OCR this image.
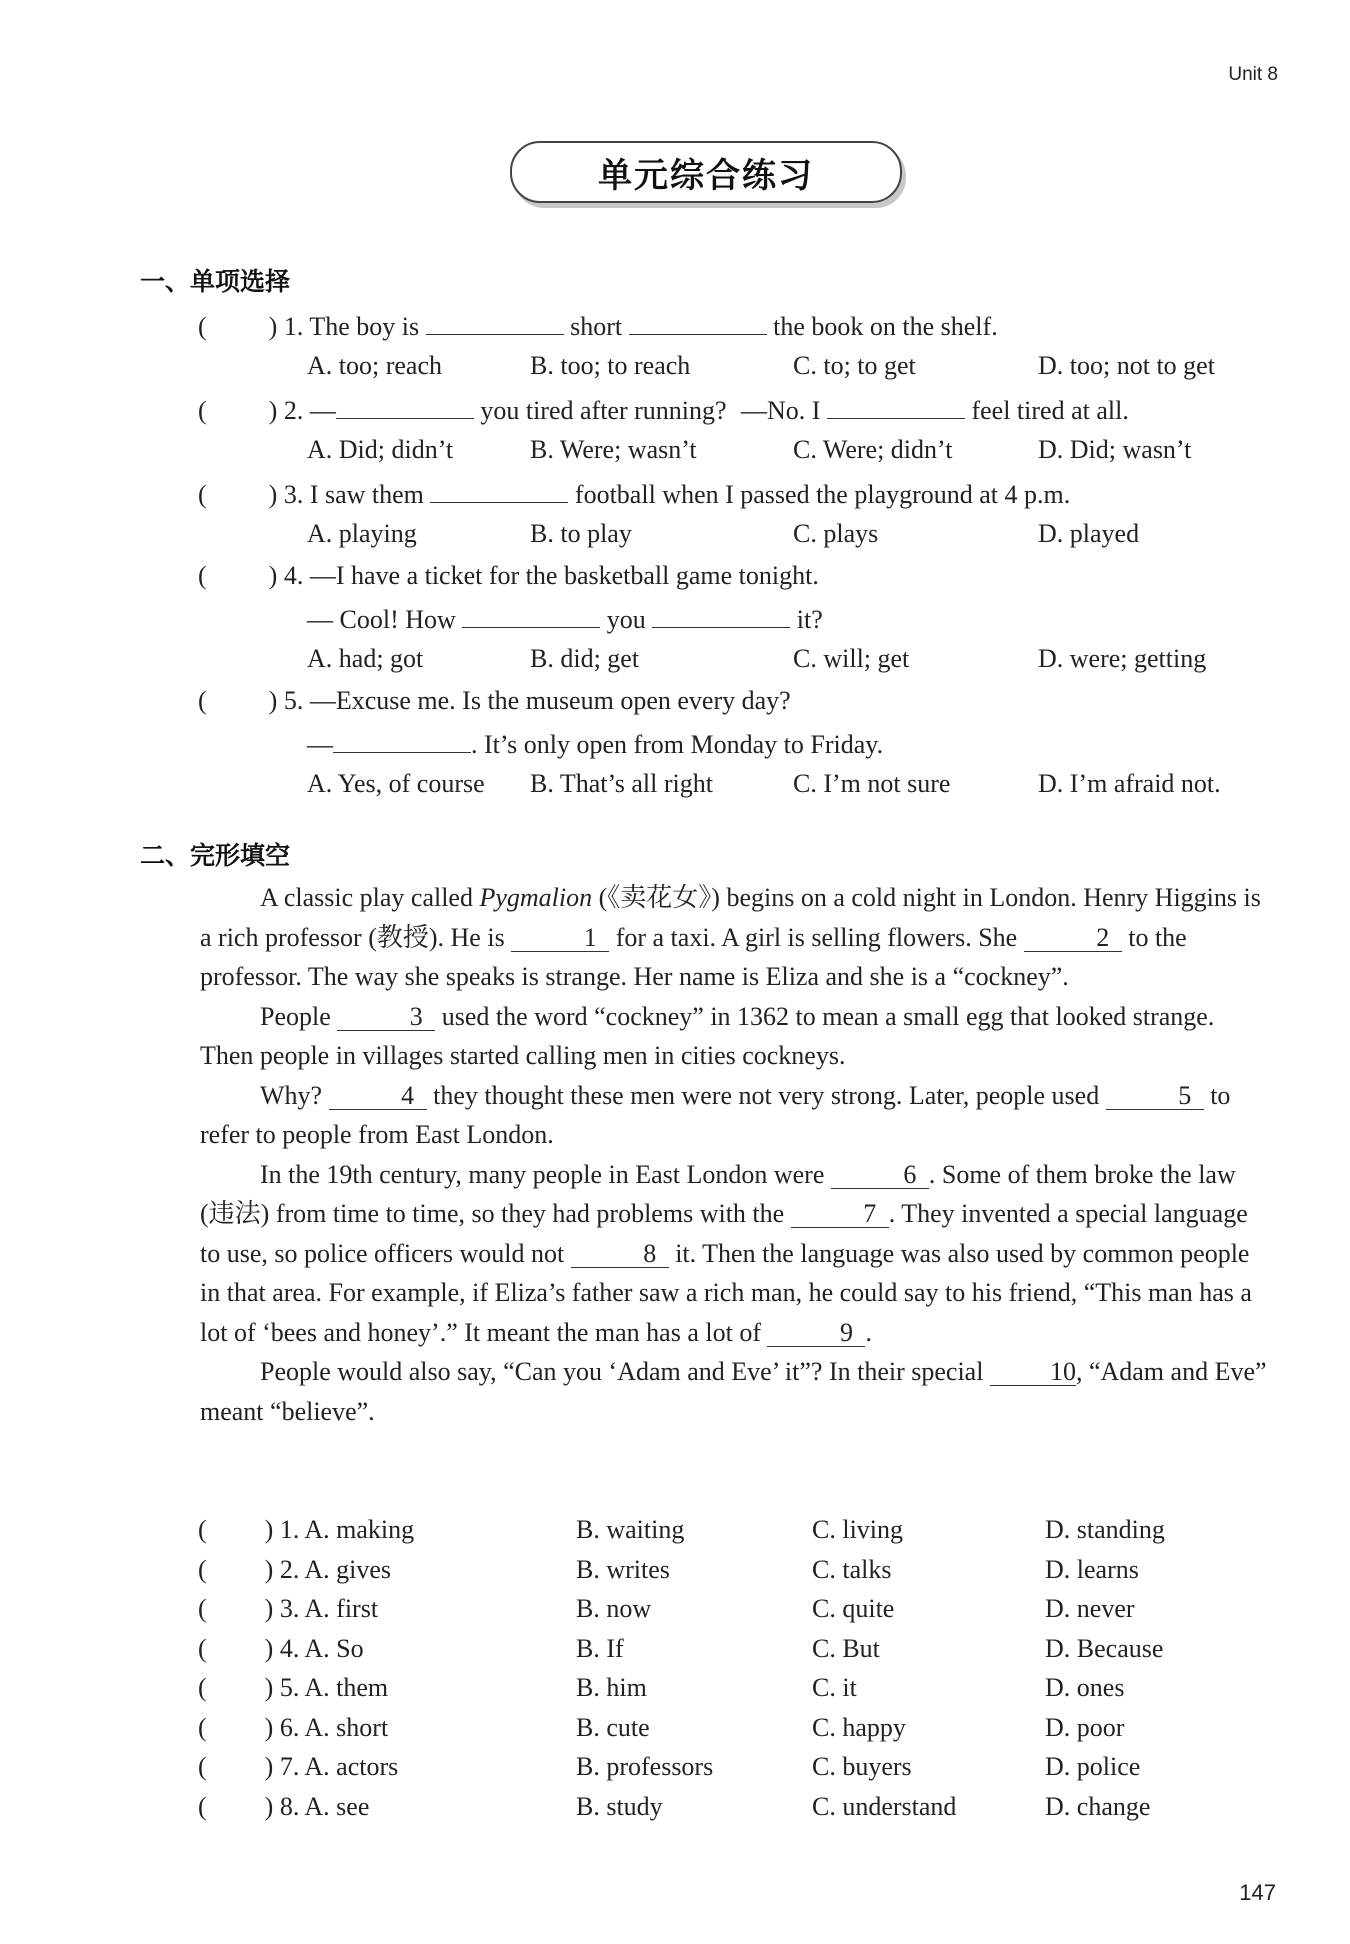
Unit 8
单元综合练习
一、单项选择
( ) 1. The boy is	short	the book on the shelf.
A. too; reach	B. too; to reach	C. to; to get	D. too; not to get
( ) 2. —	you tired after running? —No. I	feel tired at all.
A. Did; didn’t	B. Were; wasn’t	C. Were; didn’t	D. Did; wasn’t
( ) 3. I saw them	football when I passed the playground at 4 p.m.
A. playing	B. to play	C. plays	D. played
( ) 4. —I have a ticket for the basketball game tonight.
— Cool! How	you	it?
A. had; got	B. did; get	C. will; get	D. were; getting
( ) 5. —Excuse me. Is the museum open every day?
—	. It’s only open from Monday to Friday.
A. Yes, of course B. That’s all right	C. I’m not sure	D. I’m afraid not.
二、完形填空

A classic play called Pygmalion (《卖花女》) begins on a cold night in London. Henry Higgins is a rich professor (教授). He is	1 for a taxi. A girl is selling flowers. She	2 to the professor. The way she speaks is strange. Her name is Eliza and she is a “cockney”.

People	3 used the word “cockney” in 1362 to mean a small egg that looked strange. Then people in villages started calling men in cities cockneys.

Why?	4 they thought these men were not very strong. Later, people used	5 to refer to people from East London.

In the 19th century, many people in East London were	6 . Some of them broke the law (违法) from time to time, so they had problems with the	7 . They invented a special language to use, so police officers would not	8 it. Then the language was also used by common people in that area. For example, if Eliza’s father saw a rich man, he could say to his friend, “This man has a lot of ‘bees and honey’.” It meant the man has a lot of	9 .

People would also say, “Can you ‘Adam and Eve’ it”? In their special 10, “Adam and Eve” meant “believe”.

( ) 1. A. making	B. waiting	C. living	D. standing
( ) 2. A. gives	B. writes	C. talks	D. learns
( ) 3. A. first	B. now	C. quite	D. never
( ) 4. A. So	B. If	C. But	D. Because
( ) 5. A. them	B. him	C. it	D. ones
( ) 6. A. short	B. cute	C. happy	D. poor
( ) 7. A. actors	B. professors	C. buyers	D. police
( ) 8. A. see	B. study	C. understand	D. change
147
